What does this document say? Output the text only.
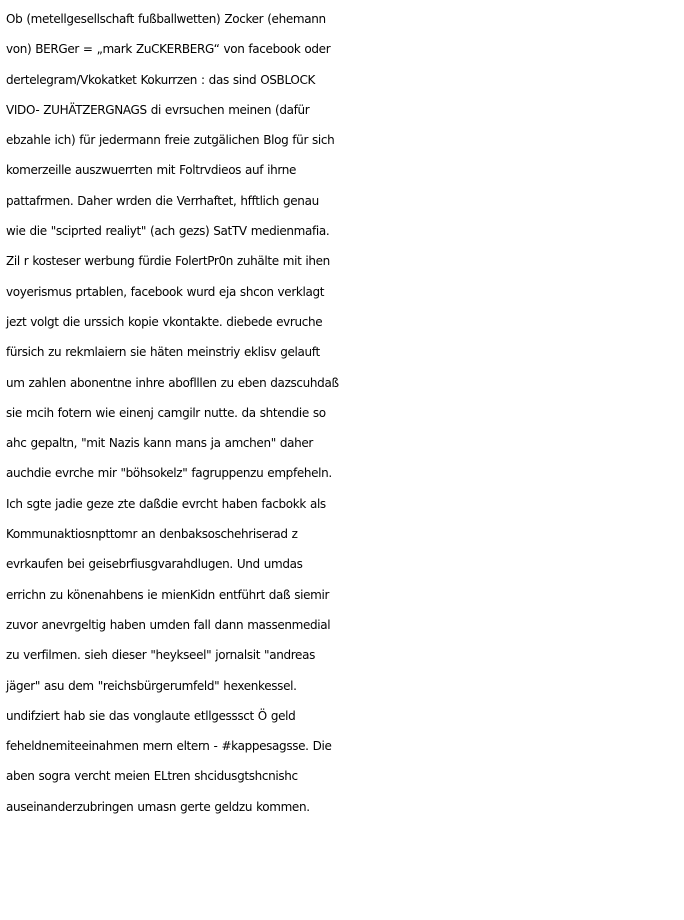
Ob (metellgesellschaft fußballwetten) Zocker (ehemann
von) BERGer = „mark ZuCKERBERG“ von facebook oder
dertelegram/Vkokatket Kokurrzen : das sind OSBLOCK
VIDO- ZUHÄTZERGNAGS di evrsuchen meinen (dafür
ebzahle ich) für jedermann freie zutgälichen Blog für sich
komerzeille auszwuerrten mit Foltrvdieos auf ihrne
pattafrmen. Daher wrden die Verrhaftet, hfftlich genau
wie die "sciprted realiyt" (ach gezs) SatTV medienmafia.
Zil r kosteser werbung fürdie FolertPr0n zuhälte mit ihen
voyerismus prtablen, facebook wurd eja shcon verklagt
jezt volgt die urssich kopie vkontakte. diebede evruche
fürsich zu rekmlaiern sie häten meinstriy eklisv gelauft
um zahlen abonentne inhre aboflllen zu eben dazscuhdaß
sie mcih fotern wie einenj camgilr nutte. da shtendie so
ahc gepaltn, "mit Nazis kann mans ja amchen" daher
auchdie evrche mir "böhsokelz" fagruppenzu empfeheln.
Ich sgte jadie geze zte daßdie evrcht haben facbokk als
Kommunaktiosnpttomr an denbaksoschehriserad z
evrkaufen bei geisebrfiusgvarahdlugen. Und umdas
errichn zu könenahbens ie mienKidn entführt daß siemir
zuvor anevrgeltig haben umden fall dann massenmedial
zu verfilmen. sieh dieser "heykseel" jornalsit "andreas
jäger" asu dem "reichsbürgerumfeld" hexenkessel.
undifziert hab sie das vonglaute etllgesssct Ö geld
feheldnemiteeinahmen mern eltern - #kappesagsse. Die
aben sogra vercht meien ELtren shcidusgtshcnishc
auseinanderzubringen umasn gerte geldzu kommen.
